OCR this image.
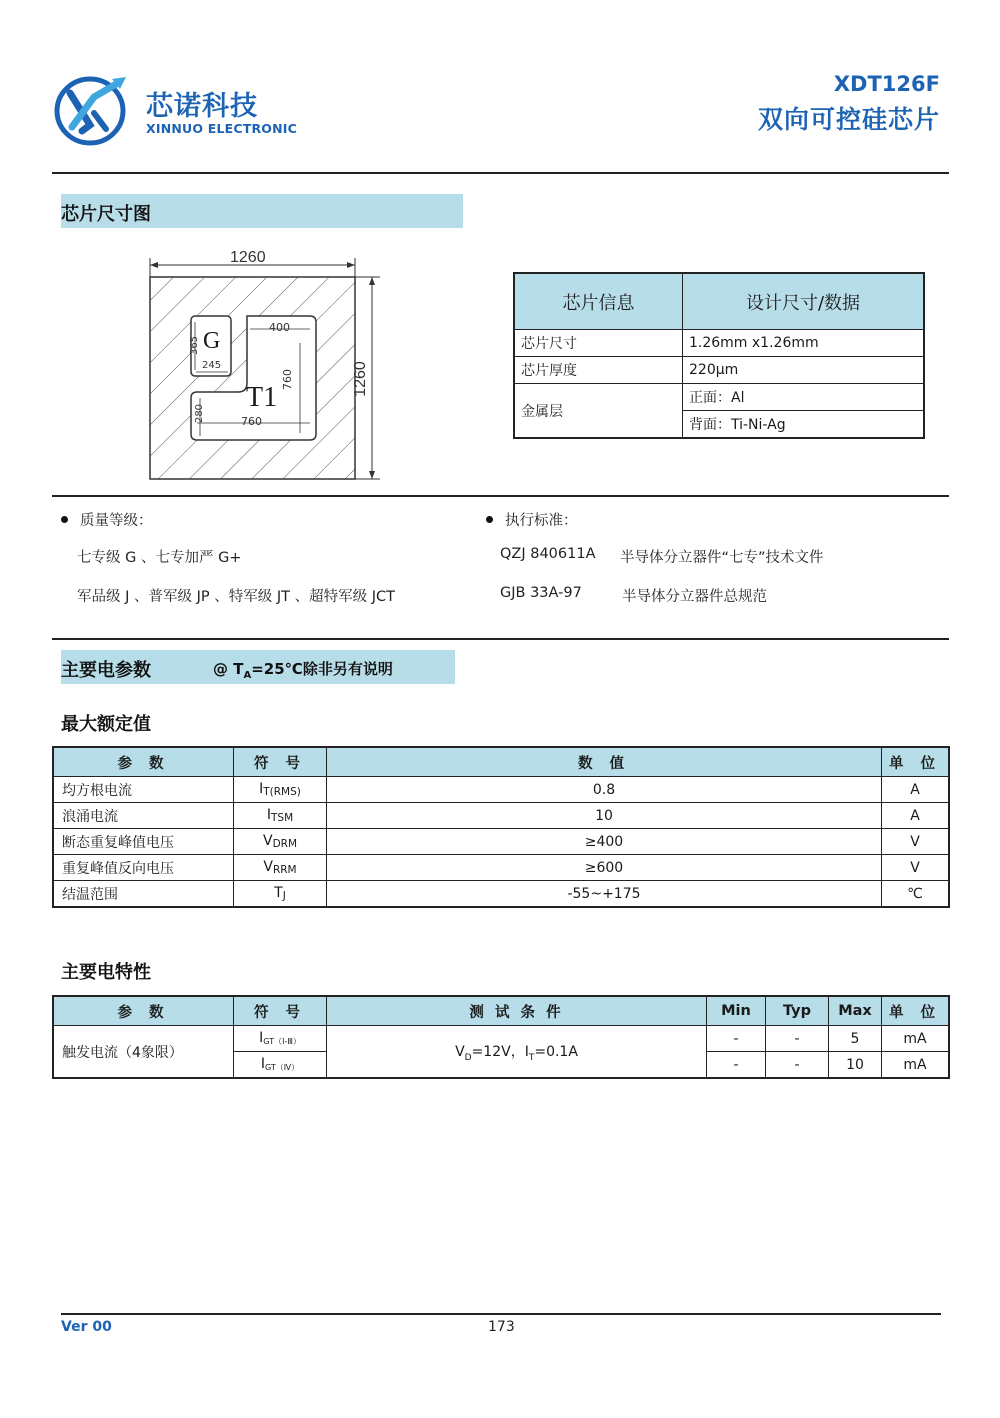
芯诺科技
XINNUO ELECTRONIC
XDT126F
双向可控硅芯片
芯片尺寸图
1260
1260
G
T1
365
245
400
760
280	760
芯片信息	设计尺寸/数据
芯片尺寸	1.26mm x1.26mm
芯片厚度	220μm
金属层	正面：Al
	背面：Ti-Ni-Ag
质量等级：
七专级 G 、七专加严 G+
军品级 J 、普军级 JP 、特军级 JT 、超特军级 JCT
执行标准：
QZJ 840611A 半导体分立器件“七专”技术文件
GJB 33A-97	半导体分立器件总规范
主要电参数	@ $T_A=25℃$除非另有说明
最大额定值
参 数	符 号	数 值	单 位
均方根电流	$I_{T(RMS)}$	0.8	A
浪涌电流	$I_{TSM}$	10	A
断态重复峰值电压	$V_{DRM}$	≥400	V
重复峰值反向电压	$V_{RRM}$	≥600	V
结温范围	$T_J$	-55~+175	℃
主要电特性
参 数	符 号	测 试 条 件	Min	Typ	Max	单 位
触发电流（4象限）	$I_{GT(Ⅰ-Ⅲ)}$	$V_D=12V$，$I_T=0.1A$	-	-	5	mA
	$I_{GT(Ⅳ)}$		-	-	10	mA
Ver 00	173
